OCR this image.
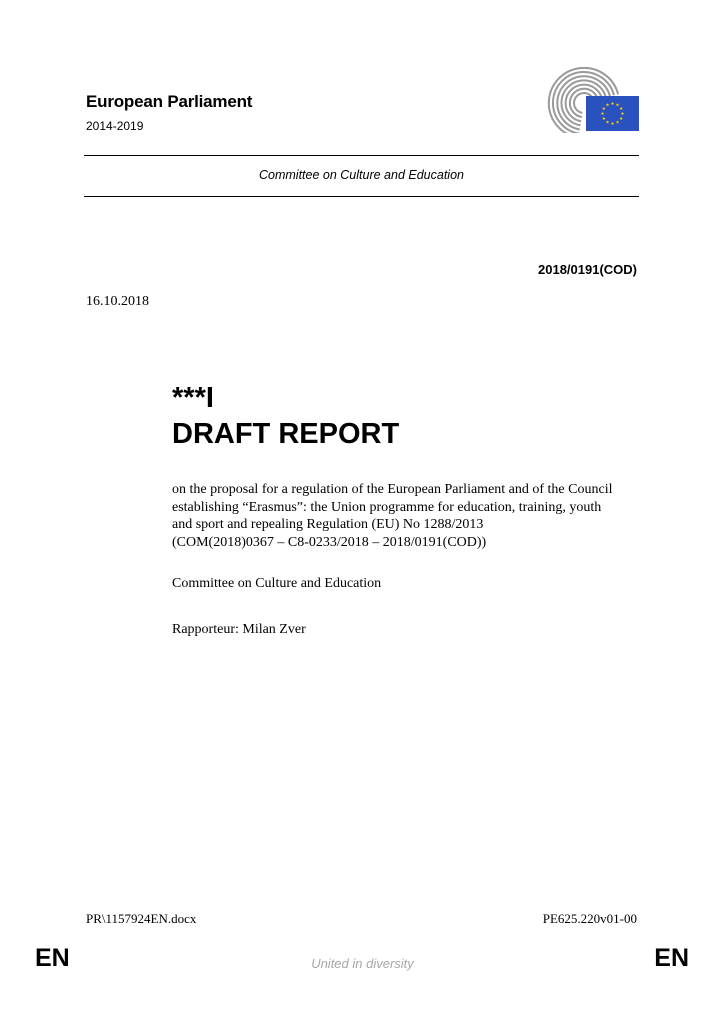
European Parliament
2014-2019
Committee on Culture and Education
2018/0191(COD)
16.10.2018
***I
DRAFT REPORT
on the proposal for a regulation of the European Parliament and of the Council
establishing “Erasmus”: the Union programme for education, training, youth
and sport and repealing Regulation (EU) No 1288/2013
(COM(2018)0367 – C8-0233/2018 – 2018/0191(COD))
Committee on Culture and Education
Rapporteur: Milan Zver
PR\1157924EN.docx	PE625.220v01-00
EN	United in diversity	EN
